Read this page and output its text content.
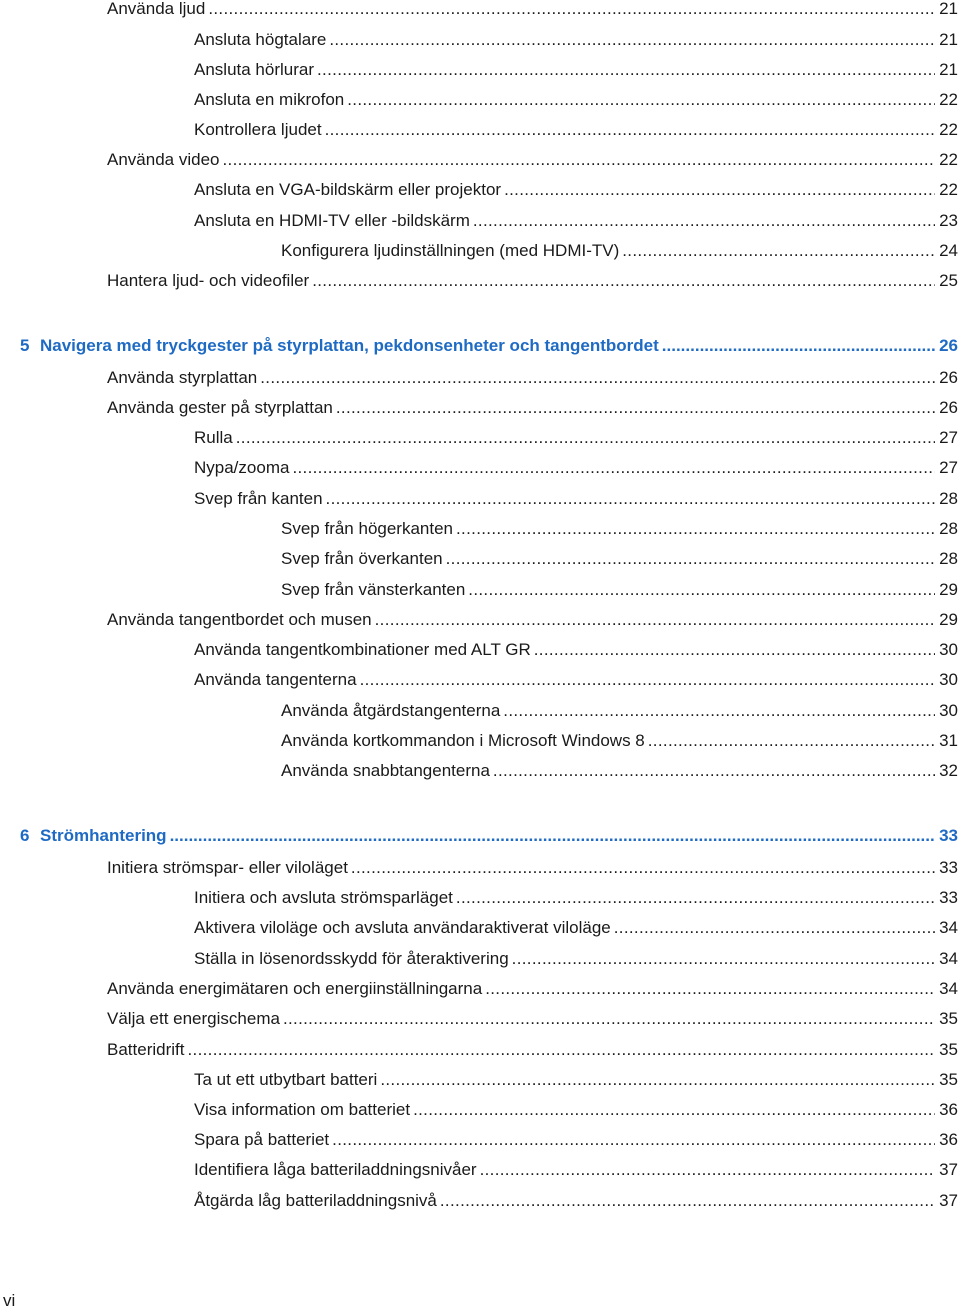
Använda ljud . . .	21
Ansluta högtalare . . .	21
Ansluta hörlurar . . .	21
Ansluta en mikrofon . . .	22
Kontrollera ljudet . . .	22
Använda video . . .	22
Ansluta en VGA-bildskärm eller projektor . . .	22
Ansluta en HDMI-TV eller -bildskärm . . .	23
Konfigurera ljudinställningen (med HDMI-TV) . . .	24
Hantera ljud- och videofiler . . .	25
5 Navigera med tryckgester på styrplattan, pekdonsenheter och tangentbordet .....	26
Använda styrplattan . . .	26
Använda gester på styrplattan . . .	26
Rulla . . .	27
Nypa/zooma . . .	27
Svep från kanten . . .	28
Svep från högerkanten . . .	28
Svep från överkanten . . .	28
Svep från vänsterkanten . . .	29
Använda tangentbordet och musen . . .	29
Använda tangentkombinationer med ALT GR . . .	30
Använda tangenterna . . .	30
Använda åtgärdstangenterna . . .	30
Använda kortkommandon i Microsoft Windows 8 . . .	31
Använda snabbtangenterna . . .	32
6 Strömhantering .....	33
Initiera strömspar- eller viloläget . . .	33
Initiera och avsluta strömsparläget . . .	33
Aktivera viloläge och avsluta användaraktiverat viloläge . . .	34
Ställa in lösenordsskydd för återaktivering . . .	34
Använda energimätaren och energiinställningarna . . .	34
Välja ett energischema . . .	35
Batteridrift . . .	35
Ta ut ett utbytbart batteri . . .	35
Visa information om batteriet . . .	36
Spara på batteriet . . .	36
Identifiera låga batteriladdningsnivåer . . .	37
Åtgärda låg batteriladdningsnivå . . .	37
vi
